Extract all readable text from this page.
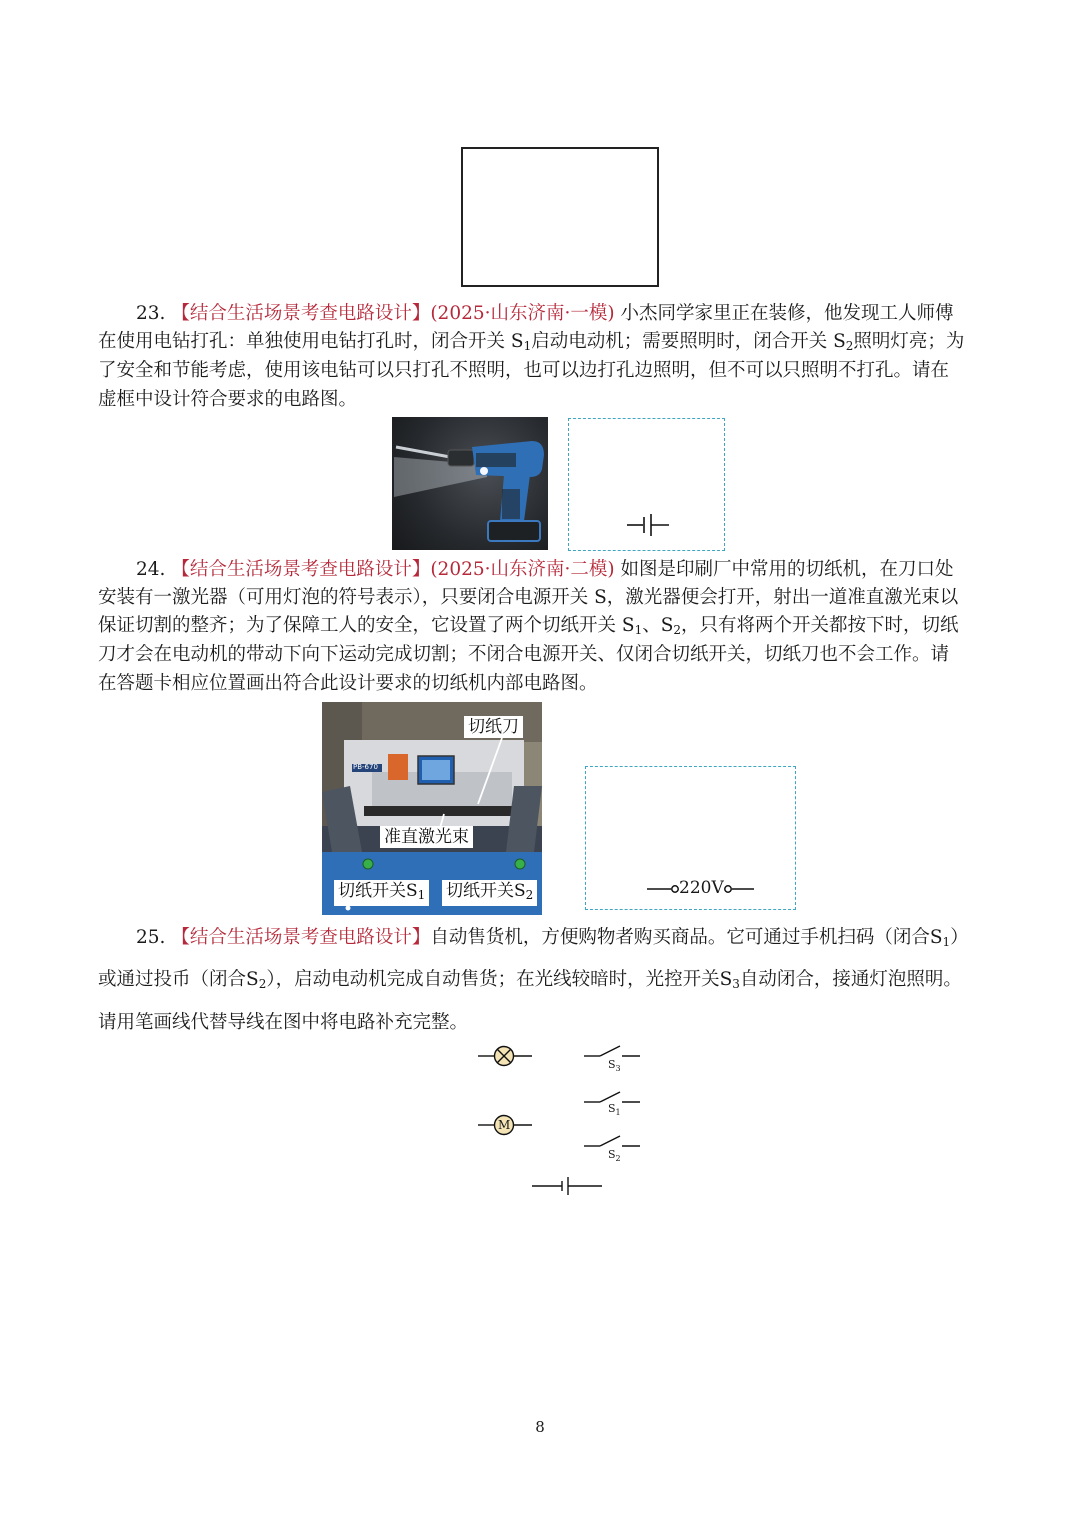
23. 【结合生活场景考查电路设计】(2025·山东济南·一模) 小杰同学家里正在装修，他发现工人师傅
在使用电钻打孔：单独使用电钻打孔时，闭合开关 $S_1$启动电动机；需要照明时，闭合开关 $S_2$照明灯亮；为
了安全和节能考虑，使用该电钻可以只打孔不照明，也可以边打孔边照明，但不可以只照明不打孔。请在
虚框中设计符合要求的电路图。
24. 【结合生活场景考查电路设计】(2025·山东济南·二模) 如图是印刷厂中常用的切纸机，在刀口处
安装有一激光器（可用灯泡的符号表示），只要闭合电源开关 S，激光器便会打开，射出一道准直激光束以
保证切割的整齐；为了保障工人的安全，它设置了两个切纸开关 $S_1$、$S_2$，只有将两个开关都按下时，切纸
刀才会在电动机的带动下向下运动完成切割；不闭合电源开关、仅闭合切纸开关，切纸刀也不会工作。请
在答题卡相应位置画出符合此设计要求的切纸机内部电路图。
切纸刀
准直激光束
切纸开关$S_1$ 切纸开关$S_2$
PB-670
220V
25. 【结合生活场景考查电路设计】自动售货机，方便购物者购买商品。它可通过手机扫码（闭合$S_1$）
或通过投币（闭合$S_2$），启动电动机完成自动售货；在光线较暗时，光控开关$S_3$自动闭合，接通灯泡照明。
请用笔画线代替导线在图中将电路补充完整。
M
$S_3$
$S_1$
$S_2$
8
